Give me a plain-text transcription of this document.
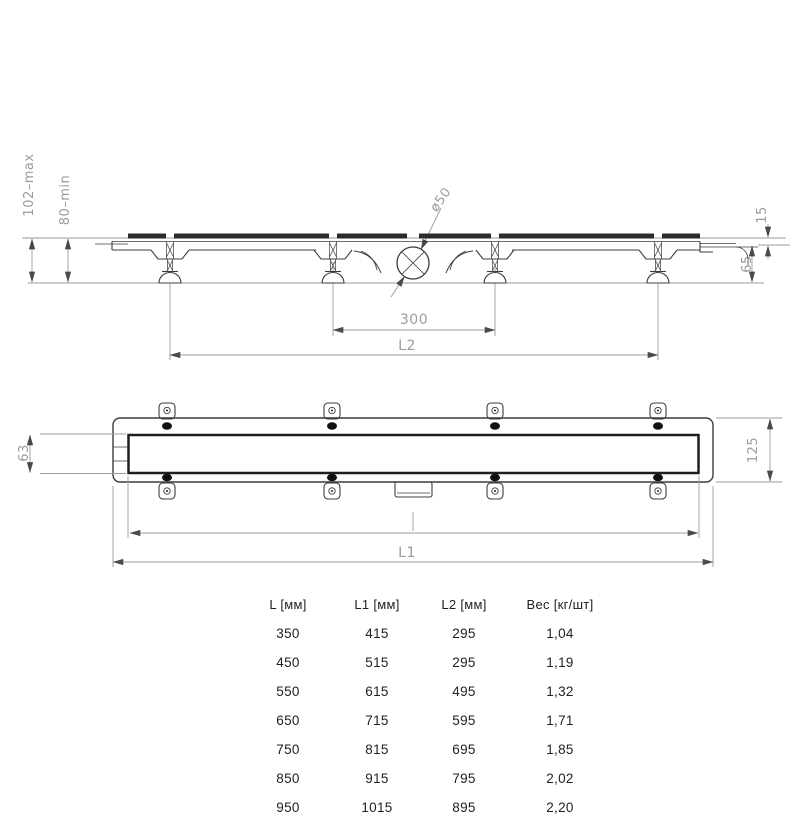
102–max 80–min	15
65
ø50
300
L2
63	125
L1
L [мм]	L1 [мм]	L2 [мм]	Вес [кг/шт]
350	415	295	1,04
450	515	295	1,19
550	615	495	1,32
650	715	595	1,71
750	815	695	1,85
850	915	795	2,02
950	1015	895	2,20
